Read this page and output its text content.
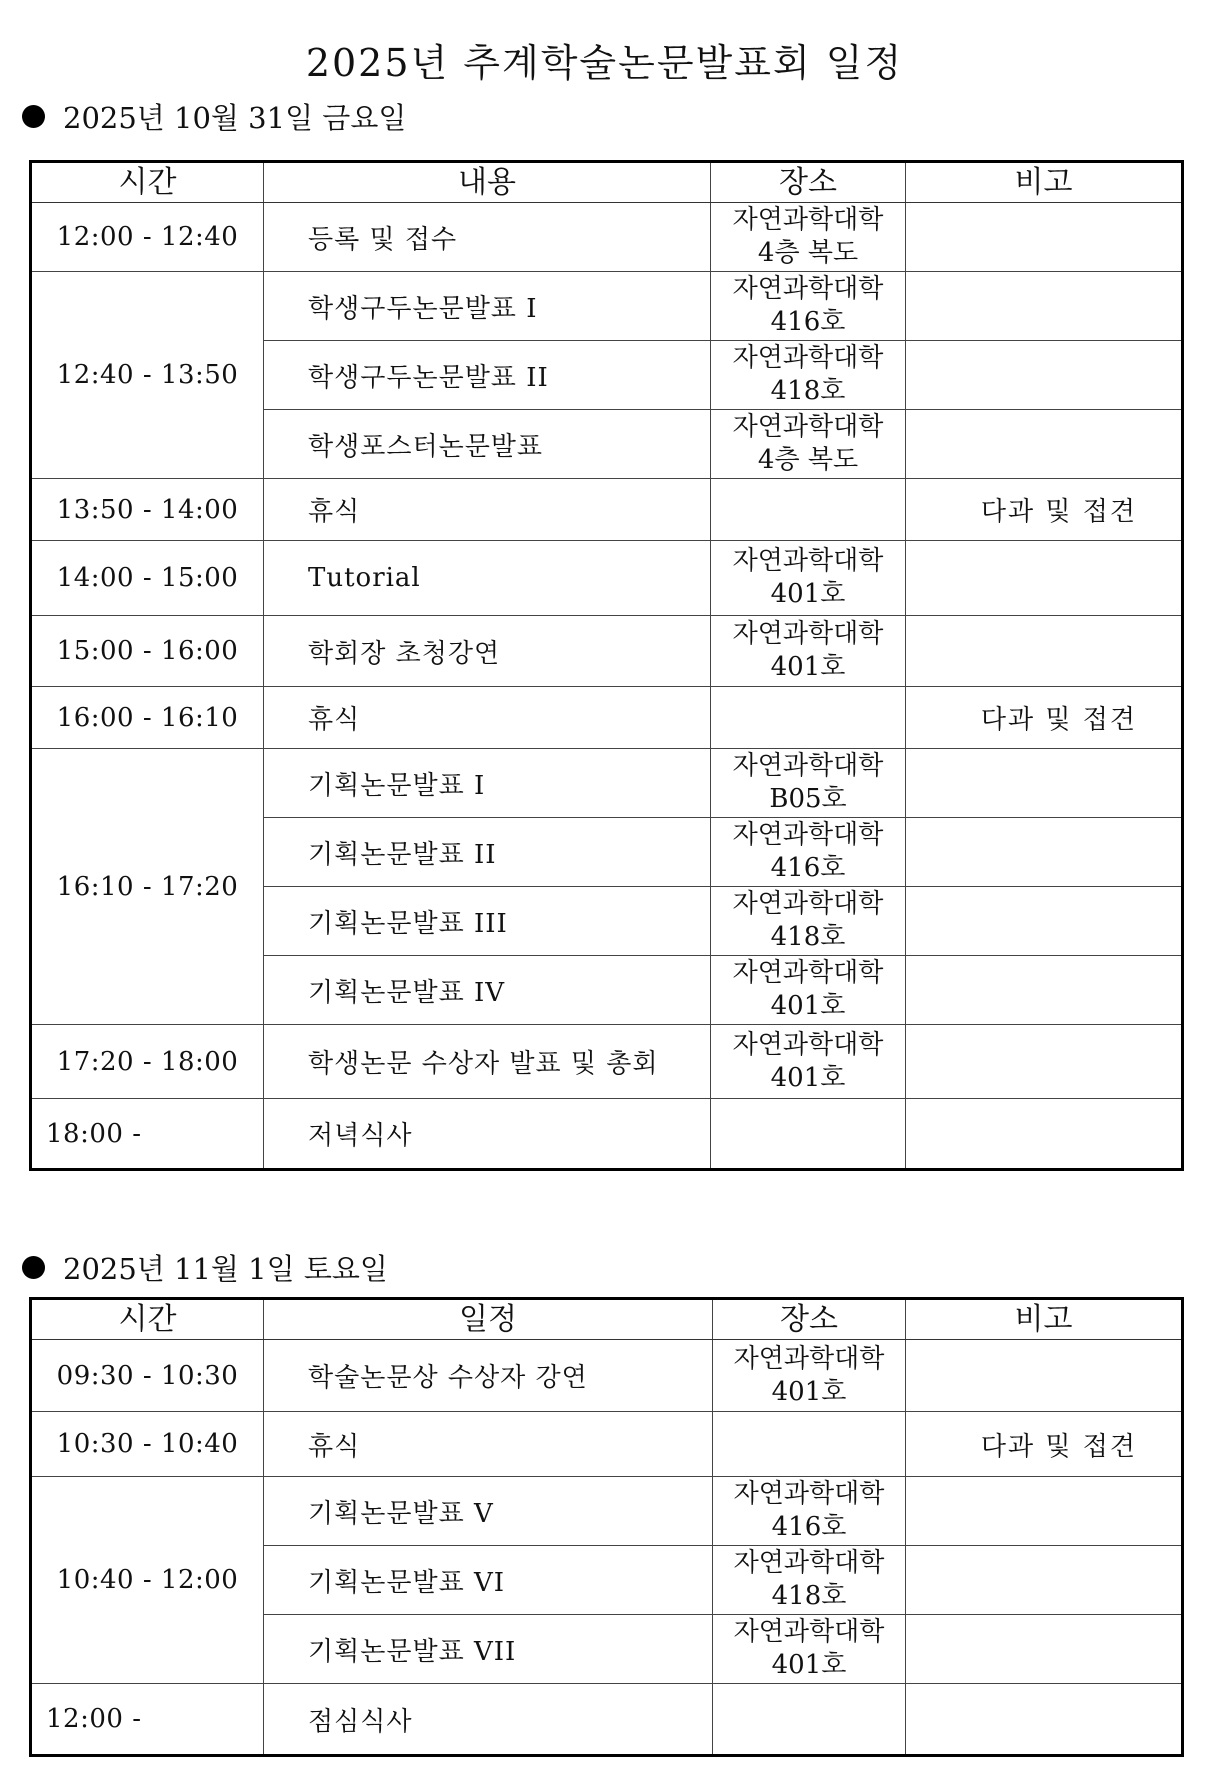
2025년 추계학술논문발표회 일정
2025년 10월 31일 금요일
시간	내용	장소	비고
12:00 - 12:40	등록 및 접수	자연과학대학
4층 복도	

12:40 - 13:50	학생구두논문발표 I	자연과학대학
416호	

	학생구두논문발표 II	자연과학대학
418호	

	학생포스터논문발표	자연과학대학
4층 복도	

13:50 - 14:00	휴식		다과 및 접견
14:00 - 15:00	Tutorial	자연과학대학
401호	

15:00 - 16:00	학회장 초청강연	자연과학대학
401호	

16:00 - 16:10	휴식		다과 및 접견
16:10 - 17:20	기획논문발표 I	자연과학대학
B05호	

	기획논문발표 II	자연과학대학
416호	

	기획논문발표 III	자연과학대학
418호	

	기획논문발표 IV	자연과학대학
401호	

17:20 - 18:00	학생논문 수상자 발표 및 총회	자연과학대학
401호	

18:00 -	저녁식사	

2025년 11월 1일 토요일
시간	일정	장소	비고
09:30 - 10:30	학술논문상 수상자 강연	자연과학대학
401호	

10:30 - 10:40	휴식		다과 및 접견
10:40 - 12:00	기획논문발표 V	자연과학대학
416호	

	기획논문발표 VI	자연과학대학
418호	

	기획논문발표 VII	자연과학대학
401호	

12:00 -	점심식사	
